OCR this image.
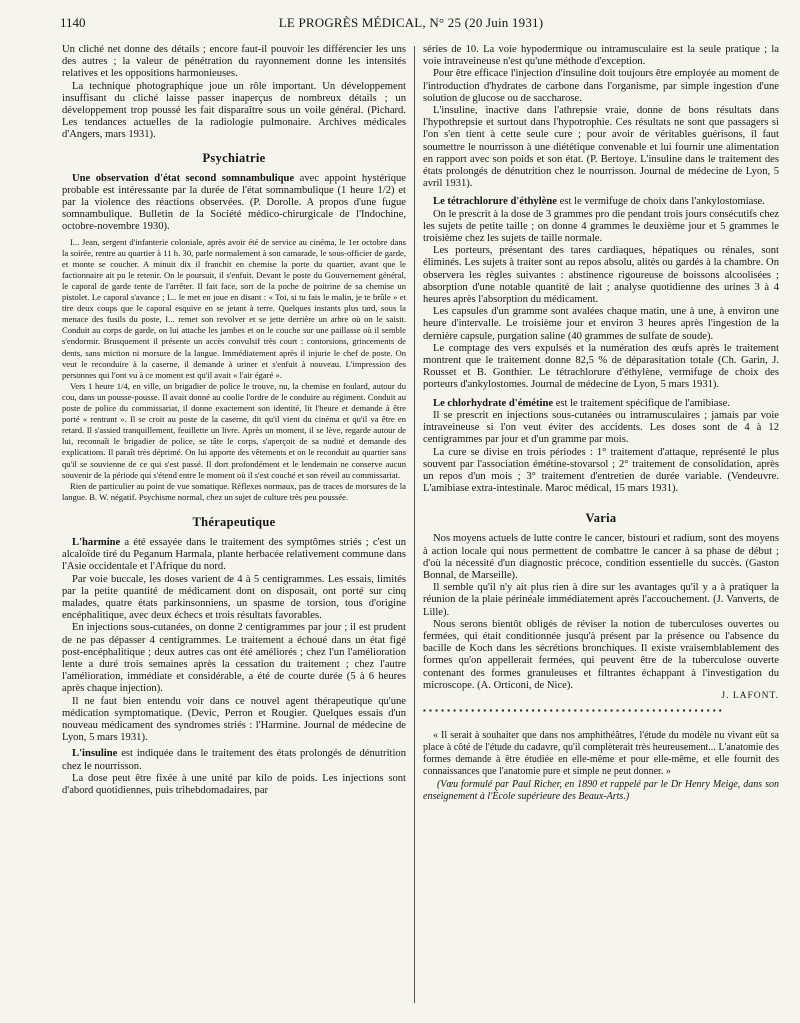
1140	LE PROGRÈS MÉDICAL, N° 25 (20 Juin 1931)

Un cliché net donne des détails ; encore faut-il pouvoir les différencier les uns des autres ; la valeur de pénétration du rayonnement donne les intensités relatives et les oppositions harmonieuses.

La technique photographique joue un rôle important. Un développement insuffisant du cliché laisse passer inaperçus de nombreux détails ; un développement trop poussé les fait disparaître sous un voile général. (Pichard. Les tendances actuelles de la radiologie pulmonaire. Archives médicales d'Angers, mars 1931).

Psychiatrie

Une observation d'état second somnambulique avec appoint hystérique probable est intéressante par la durée de l'état somnambulique (1 heure 1/2) et par la violence des réactions observées. (P. Dorolle. A propos d'une fugue somnambulique. Bulletin de la Société médico-chirurgicale de l'Indochine, octobre-novembre 1930).

I... Jean, sergent d'infanterie coloniale, après avoir été de service au cinéma, le 1er octobre dans la soirée, rentre au quartier à 11 h. 30, parle normalement à son camarade, le sous-officier de garde, et monte se coucher. A minuit dix il franchit en chemise la porte du quartier, avant que le factionnaire ait pu le retenir. On le poursuit, il s'enfuit. Devant le poste du Gouvernement général, le caporal de garde tente de l'arrêter. Il fait face, sort de la poche de poitrine de sa chemise un pistolet. Le caporal s'avance ; I... le met en joue en disant : « Toi, si tu fais le malin, je te brûle » et tire deux coups que le caporal esquive en se jetant à terre. Quelques instants plus tard, sous la menace des fusils du poste, I... remet son revolver et se jette derrière un arbre où on le saisit. Conduit au corps de garde, on lui attache les jambes et on le couche sur une paillasse où il semble s'endormir. Brusquement il présente un accès convulsif très court : contorsions, grincements de dents, sans miction ni morsure de la langue. Immédiatement après il injurie le chef de poste. On veut le reconduire à la caserne, il demande à uriner et s'enfuit à nouveau. L'impression des personnes qui l'ont vu à ce moment est qu'il avait « l'air égaré ».

Vers 1 heure 1/4, en ville, un brigadier de police le trouve, nu, la chemise en foulard, autour du cou, dans un pousse-pousse. Il avait donné au coolie l'ordre de le conduire au régiment. Conduit au poste de police du commissariat, il donne exactement son identité, lit l'heure et demande à être porté « rentrant ». Il se croit au poste de la caserne, dit qu'il vient du cinéma et qu'il va être en retard. Il s'assied tranquillement, feuillette un livre. Après un moment, il se lève, regarde autour de lui, reconnaît le brigadier de police, se tâte le corps, s'aperçoit de sa nudité et demande des explications. Il paraît très déprimé. On lui apporte des vêtements et on le reconduit au quartier sans qu'il se souvienne de ce qui s'est passé. Il dort profondément et le lendemain ne conserve aucun souvenir de la période qui s'étend entre le moment où il s'est couché et son réveil au commissariat.

Rien de particulier au point de vue somatique. Réflexes normaux, pas de traces de morsures de la langue. B. W. négatif. Psychisme normal, chez un sujet de culture très peu poussée.

Thérapeutique

L'harmine a été essayée dans le traitement des symptômes striés ; c'est un alcaloïde tiré du Peganum Harmala, plante herbacée relativement commune dans l'Asie occidentale et l'Afrique du nord.

Par voie buccale, les doses varient de 4 à 5 centigrammes. Les essais, limités par la petite quantité de médicament dont on disposait, ont porté sur cinq malades, quatre états parkinsonniens, un spasme de torsion, tous d'origine encéphalitique, avec deux échecs et trois résultats favorables.

En injections sous-cutanées, on donne 2 centigrammes par jour ; il est prudent de ne pas dépasser 4 centigrammes. Le traitement a échoué dans un état figé post-encéphalitique ; deux autres cas ont été améliorés ; chez l'un l'amélioration lente a duré trois semaines après la cessation du traitement ; chez l'autre l'amélioration, immédiate et considérable, a été de courte durée (5 à 6 heures après chaque injection).

Il ne faut bien entendu voir dans ce nouvel agent thérapeutique qu'une médication symptomatique. (Devic, Perron et Rougier. Quelques essais d'un nouveau médicament des syndromes striés : l'Harmine. Journal de médecine de Lyon, 5 mars 1931).

L'insuline est indiquée dans le traitement des états prolongés de dénutrition chez le nourrisson.

La dose peut être fixée à une unité par kilo de poids. Les injections sont d'abord quotidiennes, puis trihebdomadaires, par

séries de 10. La voie hypodermique ou intramusculaire est la seule pratique ; la voie intraveineuse n'est qu'une méthode d'exception.

Pour être efficace l'injection d'insuline doit toujours être employée au moment de l'introduction d'hydrates de carbone dans l'organisme, par simple ingestion d'une solution de glucose ou de saccharose.

L'insuline, inactive dans l'athrepsie vraie, donne de bons résultats dans l'hypothrepsie et surtout dans l'hypotrophie. Ces résultats ne sont que passagers si l'on s'en tient à cette seule cure ; pour avoir de véritables guérisons, il faut soumettre le nourrisson à une diététique convenable et lui fournir une alimentation en rapport avec son poids et son état. (P. Bertoye. L'insuline dans le traitement des états prolongés de dénutrition chez le nourrisson. Journal de médecine de Lyon, 5 avril 1931).

Le tétrachlorure d'éthylène est le vermifuge de choix dans l'ankylostomiase.

On le prescrit à la dose de 3 grammes pro die pendant trois jours consécutifs chez les sujets de petite taille ; on donne 4 grammes le deuxième jour et 5 grammes le troisième chez les sujets de taille normale.

Les porteurs, présentant des tares cardiaques, hépatiques ou rénales, sont éliminés. Les sujets à traiter sont au repos absolu, alités ou gardés à la chambre. On observera les règles suivantes : abstinence rigoureuse de boissons alcoolisées ; absorption d'une notable quantité de lait ; analyse quotidienne des urines 3 à 4 heures après l'absorption du médicament.

Les capsules d'un gramme sont avalées chaque matin, une à une, à environ une heure d'intervalle. Le troisième jour et environ 3 heures après l'ingestion de la dernière capsule, purgation saline (40 grammes de sulfate de soude).

Le comptage des vers expulsés et la numération des œufs après le traitement montrent que le traitement donne 82,5 % de déparasitation totale (Ch. Garin, J. Rousset et B. Gonthier. Le tétrachlorure d'éthylène, vermifuge de choix des porteurs d'ankylostomes. Journal de médecine de Lyon, 5 mars 1931).

Le chlorhydrate d'émétine est le traitement spécifique de l'amibiase.

Il se prescrit en injections sous-cutanées ou intramusculaires ; jamais par voie intraveineuse si l'on veut éviter des accidents. Les doses sont de 4 à 12 centigrammes par jour et d'un gramme par mois.

La cure se divise en trois périodes : 1° traitement d'attaque, représenté le plus souvent par l'association émétine-stovarsol ; 2° traitement de consolidation, après un repos d'un mois ; 3° traitement d'entretien de durée variable. (Vendeuvre. L'amibiase extra-intestinale. Maroc médical, 15 mars 1931).

Varia

Nos moyens actuels de lutte contre le cancer, bistouri et radium, sont des moyens à action locale qui nous permettent de combattre le cancer à sa phase de début ; d'où la nécessité d'un diagnostic précoce, condition essentielle du succès. (Gaston Bonnal, de Marseille).

Il semble qu'il n'y ait plus rien à dire sur les avantages qu'il y a à pratiquer la réunion de la plaie périnéale immédiatement après l'accouchement. (J. Vanverts, de Lille).

Nous serons bientôt obligés de réviser la notion de tuberculoses ouvertes ou fermées, qui était conditionnée jusqu'à présent par la présence ou l'absence du bacille de Koch dans les sécrétions bronchiques. Il existe vraisemblablement des formes qu'on appellerait fermées, qui peuvent être de la tuberculose ouverte contenant des formes granuleuses et filtrantes échappant à l'investigation du microscope. (A. Orticoni, de Nice).

J. LAFONT.
▪ ▪ ▪ ▪ ▪ ▪ ▪ ▪ ▪ ▪ ▪ ▪ ▪ ▪ ▪ ▪ ▪ ▪ ▪ ▪ ▪ ▪ ▪ ▪ ▪ ▪ ▪ ▪ ▪ ▪ ▪ ▪ ▪ ▪ ▪ ▪ ▪ ▪ ▪ ▪ ▪ ▪ ▪ ▪ ▪ ▪ ▪ ▪ ▪ ▪

« Il serait à souhaiter que dans nos amphithéâtres, l'étude du modèle nu vivant eût sa place à côté de l'étude du cadavre, qu'il complèterait très heureusement... L'anatomie des formes demande à être étudiée en elle-même et pour elle-même, et elle fournit des connaissances que l'anatomie pure et simple ne peut donner. »

(Vœu formulé par Paul Richer, en 1890 et rappelé par le Dr Henry Meige, dans son enseignement à l'École supérieure des Beaux-Arts.)
